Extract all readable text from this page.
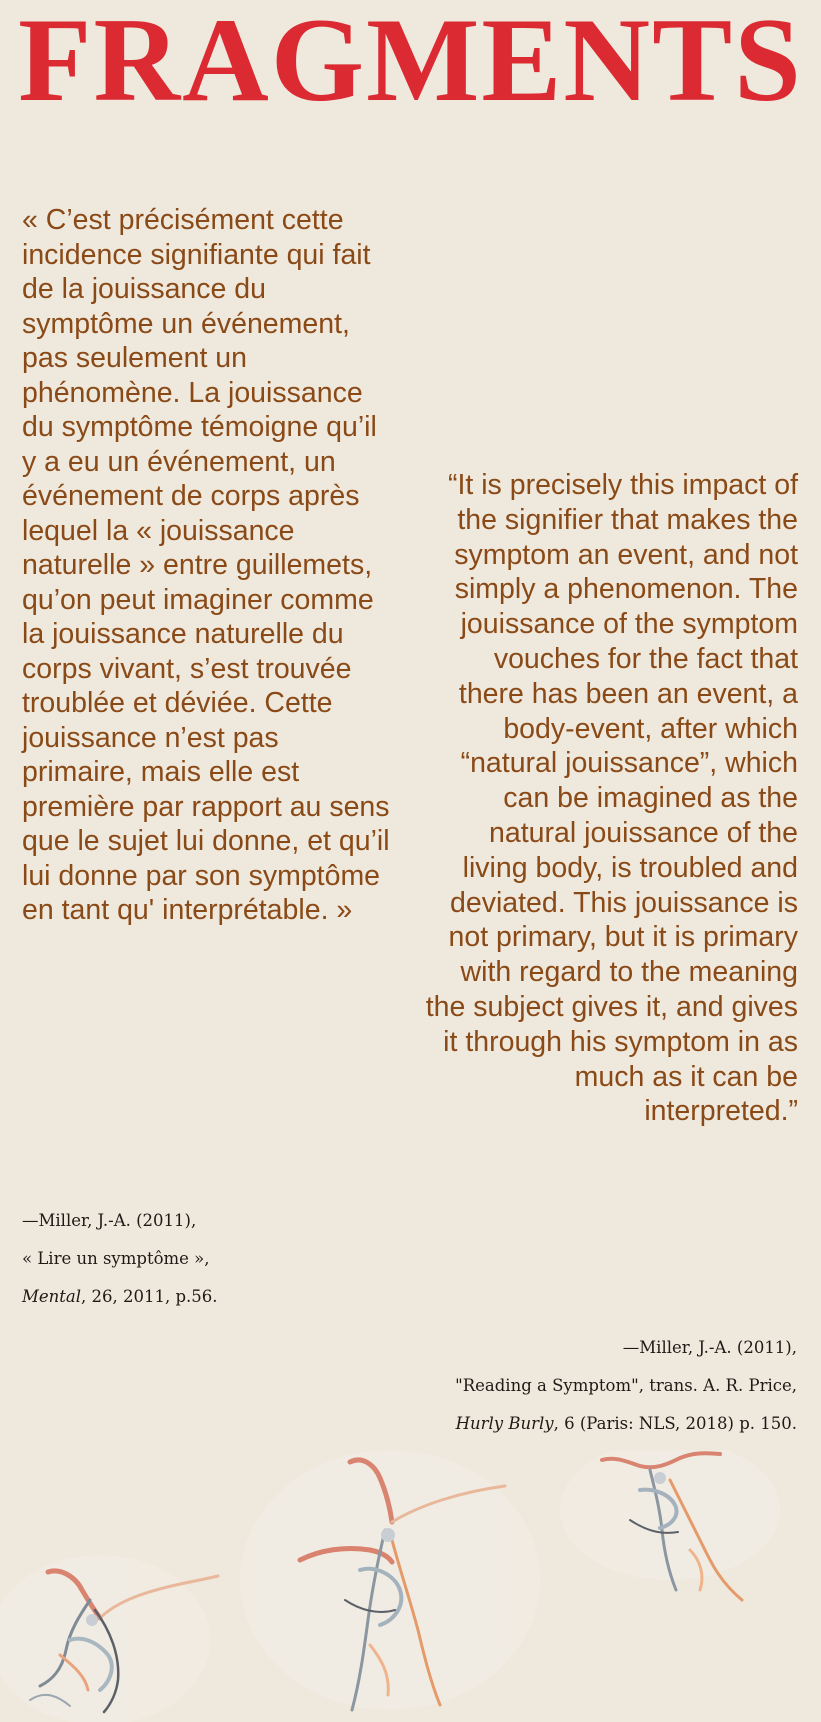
FRAGMENTS

« C’est précisément cette incidence signifiante qui fait de la jouissance du symptôme un événement, pas seulement un phénomène. La jouissance du symptôme témoigne qu’il y a eu un événement, un événement de corps après lequel la « jouissance naturelle » entre guillemets, qu’on peut imaginer comme la jouissance naturelle du corps vivant, s’est trouvée troublée et déviée. Cette jouissance n’est pas primaire, mais elle est première par rapport au sens que le sujet lui donne, et qu’il lui donne par son symptôme en tant qu' interprétable. »

“It is precisely this impact of the signifier that makes the symptom an event, and not simply a phenomenon. The jouissance of the symptom vouches for the fact that there has been an event, a body-event, after which “natural jouissance”, which can be imagined as the natural jouissance of the living body, is troubled and deviated. This jouissance is not primary, but it is primary with regard to the meaning the subject gives it, and gives it through his symptom in as much as it can be interpreted.”

—Miller, J.-A. (2011),
« Lire un symptôme »,
Mental, 26, 2011, p.56.
—Miller, J.-A. (2011),
"Reading a Symptom", trans. A. R. Price,
Hurly Burly, 6 (Paris: NLS, 2018) p. 150.
